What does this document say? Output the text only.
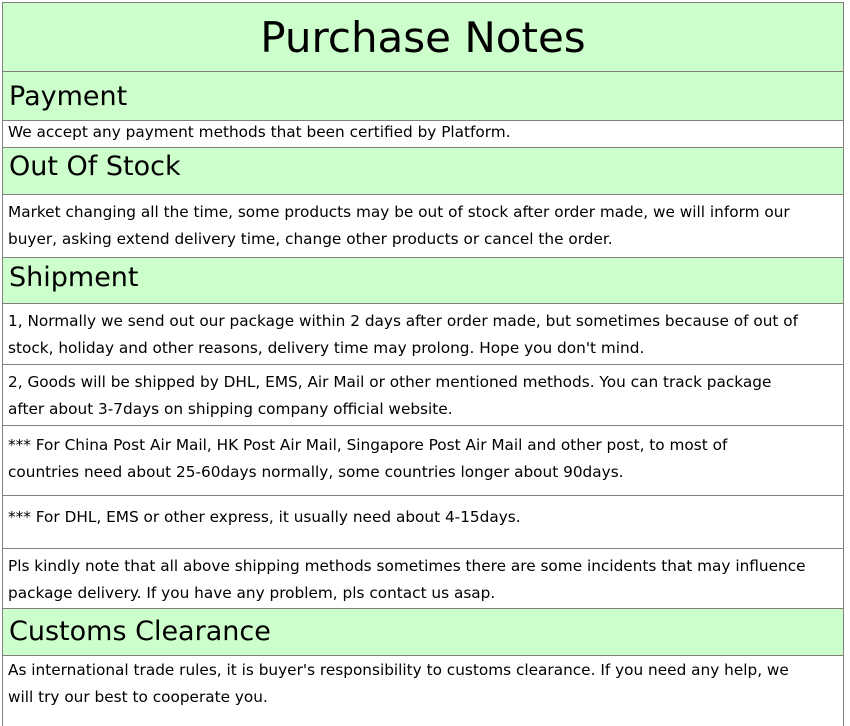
Purchase Notes
Payment
We accept any payment methods that been certified by Platform.
Out Of Stock
Market changing all the time, some products may be out of stock after order made, we will inform our
buyer, asking extend delivery time, change other products or cancel the order.
Shipment
1, Normally we send out our package within 2 days after order made, but sometimes because of out of
stock, holiday and other reasons, delivery time may prolong. Hope you don't mind.
2, Goods will be shipped by DHL, EMS, Air Mail or other mentioned methods. You can track package
after about 3-7days on shipping company official website.
*** For China Post Air Mail, HK Post Air Mail, Singapore Post Air Mail and other post, to most of
countries need about 25-60days normally, some countries longer about 90days.
*** For DHL, EMS or other express, it usually need about 4-15days.
Pls kindly note that all above shipping methods sometimes there are some incidents that may influence
package delivery. If you have any problem, pls contact us asap.
Customs Clearance
As international trade rules, it is buyer's responsibility to customs clearance. If you need any help, we
will try our best to cooperate you.
